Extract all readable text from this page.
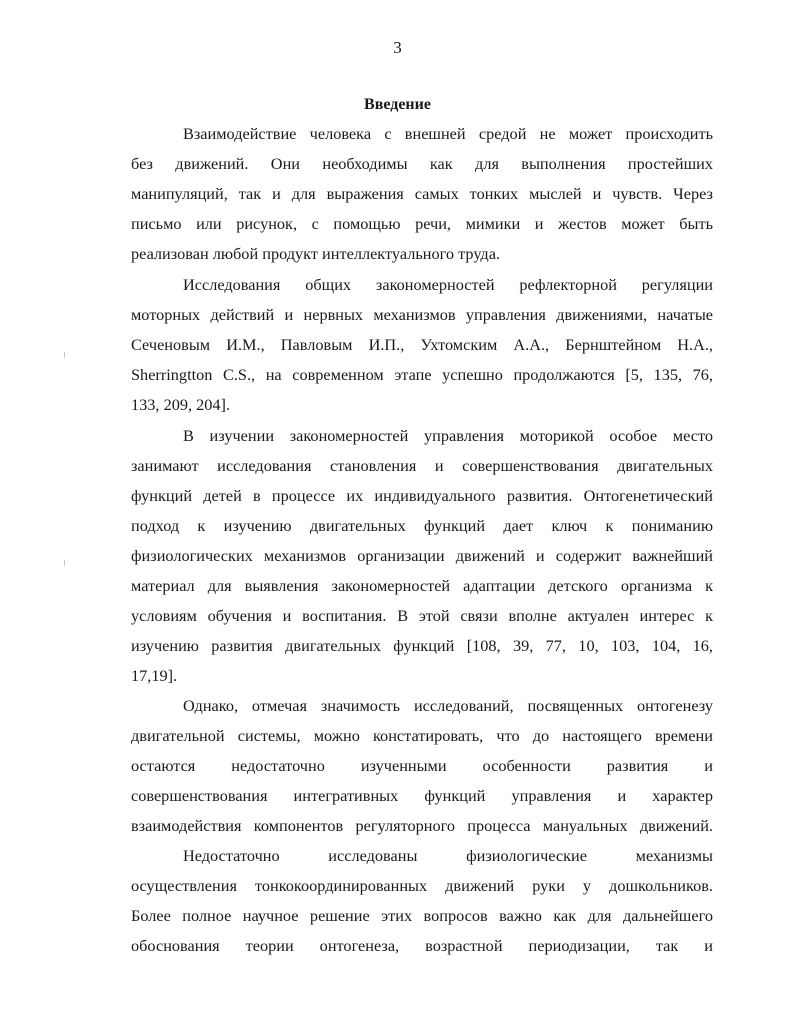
3
Введение
Взаимодействие человека с внешней средой не может происходить
без движений. Они необходимы как для выполнения простейших
манипуляций, так и для выражения самых тонких мыслей и чувств. Через
письмо или рисунок, с помощью речи, мимики и жестов может быть
реализован любой продукт интеллектуального труда.
Исследования общих закономерностей рефлекторной регуляции
моторных действий и нервных механизмов управления движениями, начатые
Сеченовым И.М., Павловым И.П., Ухтомским А.А., Бернштейном Н.А.,
Sherringtton C.S., на современном этапе успешно продолжаются [5, 135, 76,
133, 209, 204].
В изучении закономерностей управления моторикой особое место
занимают исследования становления и совершенствования двигательных
функций детей в процессе их индивидуального развития. Онтогенетический
подход к изучению двигательных функций дает ключ к пониманию
физиологических механизмов организации движений и содержит важнейший
материал для выявления закономерностей адаптации детского организма к
условиям обучения и воспитания. В этой связи вполне актуален интерес к
изучению развития двигательных функций [108, 39, 77, 10, 103, 104, 16,
17,19].
Однако, отмечая значимость исследований, посвященных онтогенезу
двигательной системы, можно констатировать, что до настоящего времени
остаются недостаточно изученными особенности развития и
совершенствования интегративных функций управления и характер
взаимодействия компонентов регуляторного процесса мануальных движений.
Недостаточно исследованы физиологические механизмы
осуществления тонкокоординированных движений руки у дошкольников.
Более полное научное решение этих вопросов важно как для дальнейшего
обоснования теории онтогенеза, возрастной периодизации, так и
